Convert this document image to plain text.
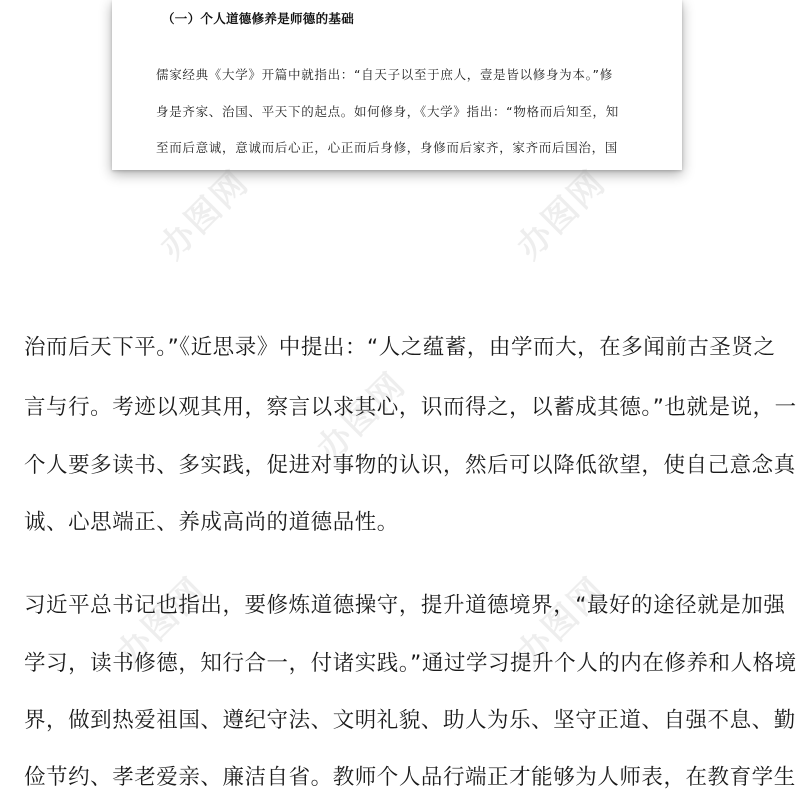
（一）个人道德修养是师德的基础
儒家经典《大学》开篇中就指出：“自天子以至于庶人，壹是皆以修身为本。”修
身是齐家、治国、平天下的起点。如何修身，《大学》指出：“物格而后知至，知
至而后意诚，意诚而后心正，心正而后身修，身修而后家齐，家齐而后国治，国
办图网	办图网
办图网
办图网	办图网
治而后天下平。”《近思录》中提出：“人之蕴蓄，由学而大，在多闻前古圣贤之
言与行。考迹以观其用，察言以求其心，识而得之，以蓄成其德。”也就是说，一
个人要多读书、多实践，促进对事物的认识，然后可以降低欲望，使自己意念真
诚、心思端正、养成高尚的道德品性。
习近平总书记也指出，要修炼道德操守，提升道德境界，“最好的途径就是加强
学习，读书修德，知行合一，付诸实践。”通过学习提升个人的内在修养和人格境
界，做到热爱祖国、遵纪守法、文明礼貌、助人为乐、坚守正道、自强不息、勤
俭节约、孝老爱亲、廉洁自省。教师个人品行端正才能够为人师表，在教育学生
